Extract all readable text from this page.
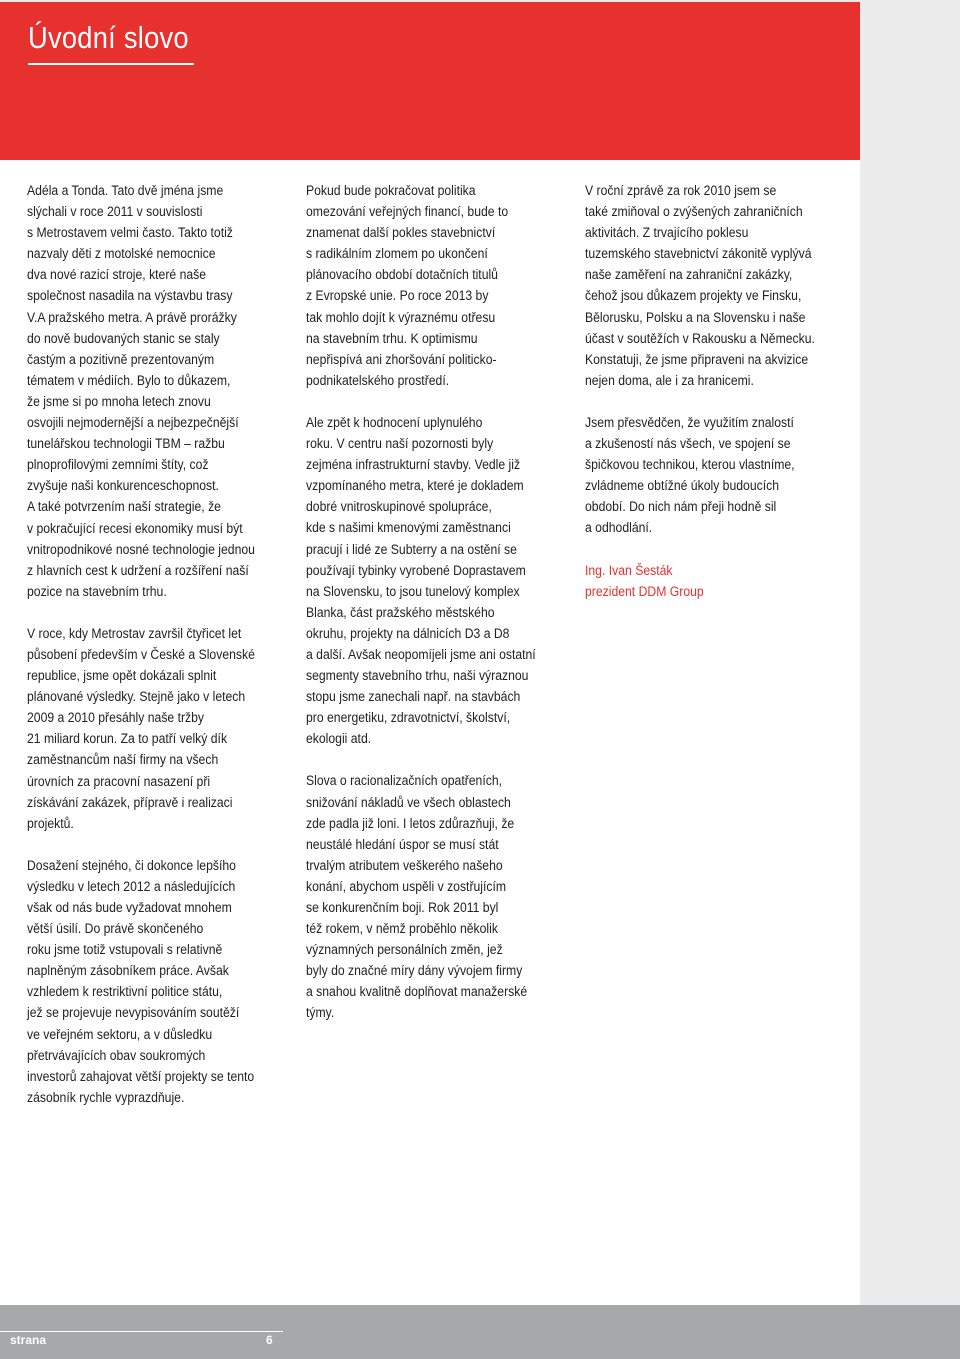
Úvodní slovo

Adéla a Tonda. Tato dvě jména jsme
slýchali v roce 2011 v souvislosti
s Metrostavem velmi často. Takto totiž
nazvaly děti z motolské nemocnice
dva nové razicí stroje, které naše
společnost nasadila na výstavbu trasy
V.A pražského metra. A právě prorážky
do nově budovaných stanic se staly
častým a pozitivně prezentovaným
tématem v médiích. Bylo to důkazem,
že jsme si po mnoha letech znovu
osvojili nejmodernější a nejbezpečnější
tunelářskou technologii TBM – ražbu
plnoprofilovými zemními štíty, což
zvyšuje naši konkurenceschopnost.
A také potvrzením naší strategie, že
v pokračující recesi ekonomiky musí být
vnitropodnikové nosné technologie jednou
z hlavních cest k udržení a rozšíření naší
pozice na stavebním trhu.

V roce, kdy Metrostav završil čtyřicet let
působení především v České a Slovenské
republice, jsme opět dokázali splnit
plánované výsledky. Stejně jako v letech
2009 a 2010 přesáhly naše tržby
21 miliard korun. Za to patří velký dík
zaměstnancům naší firmy na všech
úrovních za pracovní nasazení při
získávání zakázek, přípravě i realizaci
projektů.

Dosažení stejného, či dokonce lepšího
výsledku v letech 2012 a následujících
však od nás bude vyžadovat mnohem
větší úsilí. Do právě skončeného
roku jsme totiž vstupovali s relativně
naplněným zásobníkem práce. Avšak
vzhledem k restriktivní politice státu,
jež se projevuje nevypisováním soutěží
ve veřejném sektoru, a v důsledku
přetrvávajících obav soukromých
investorů zahajovat větší projekty se tento
zásobník rychle vyprazdňuje.

Pokud bude pokračovat politika
omezování veřejných financí, bude to
znamenat další pokles stavebnictví
s radikálním zlomem po ukončení
plánovacího období dotačních titulů
z Evropské unie. Po roce 2013 by
tak mohlo dojít k výraznému otřesu
na stavebním trhu. K optimismu
nepřispívá ani zhoršování politicko-
podnikatelského prostředí.

Ale zpět k hodnocení uplynulého
roku. V centru naší pozornosti byly
zejména infrastrukturní stavby. Vedle již
vzpomínaného metra, které je dokladem
dobré vnitroskupinové spolupráce,
kde s našimi kmenovými zaměstnanci
pracují i lidé ze Subterry a na ostění se
používají tybinky vyrobené Doprastavem
na Slovensku, to jsou tunelový komplex
Blanka, část pražského městského
okruhu, projekty na dálnicích D3 a D8
a další. Avšak neopomíjeli jsme ani ostatní
segmenty stavebního trhu, naši výraznou
stopu jsme zanechali např. na stavbách
pro energetiku, zdravotnictví, školství,
ekologii atd.

Slova o racionalizačních opatřeních,
snižování nákladů ve všech oblastech
zde padla již loni. I letos zdůrazňuji, že
neustálé hledání úspor se musí stát
trvalým atributem veškerého našeho
konání, abychom uspěli v zostřujícím
se konkurenčním boji. Rok 2011 byl
též rokem, v němž proběhlo několik
významných personálních změn, jež
byly do značné míry dány vývojem firmy
a snahou kvalitně doplňovat manažerské
týmy.

V roční zprávě za rok 2010 jsem se
také zmiňoval o zvýšených zahraničních
aktivitách. Z trvajícího poklesu
tuzemského stavebnictví zákonitě vyplývá
naše zaměření na zahraniční zakázky,
čehož jsou důkazem projekty ve Finsku,
Bělorusku, Polsku a na Slovensku i naše
účast v soutěžích v Rakousku a Německu.
Konstatuji, že jsme připraveni na akvizice
nejen doma, ale i za hranicemi.

Jsem přesvědčen, že využitím znalostí
a zkušeností nás všech, ve spojení se
špičkovou technikou, kterou vlastníme,
zvládneme obtížné úkoly budoucích
období. Do nich nám přeji hodně sil
a odhodlání.

Ing. Ivan Šesták
prezident DDM Group

strana	6
